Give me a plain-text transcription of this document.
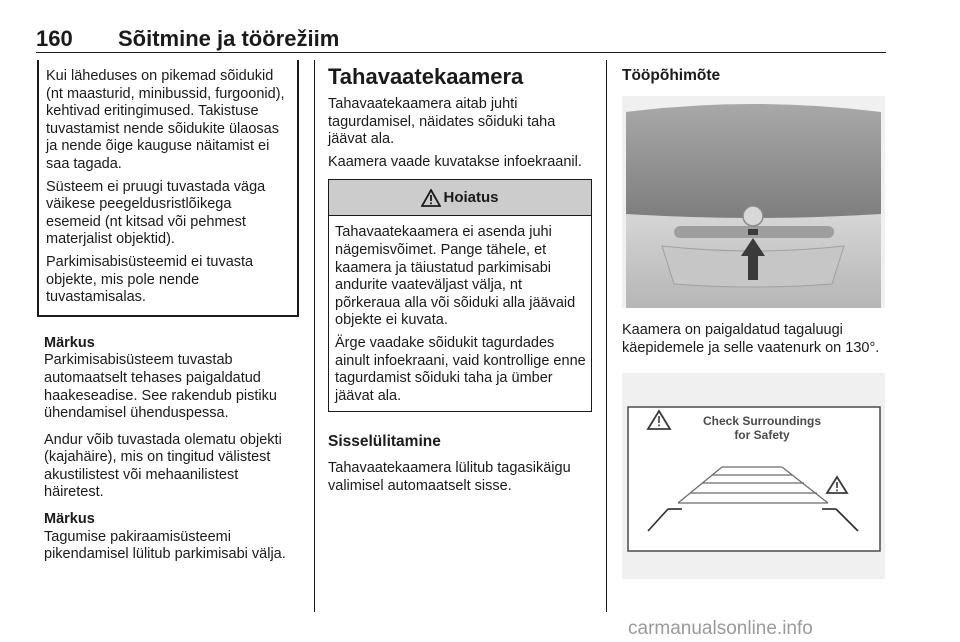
160 Sõitmine ja töörežiim

Kui läheduses on pikemad sõidukid (nt maasturid, minibussid, furgoonid), kehtivad eritingimused. Takistuse tuvastamist nende sõidukite ülaosas ja nende õige kauguse näitamist ei saa tagada.

Süsteem ei pruugi tuvastada väga väikese peegeldusristlõikega esemeid (nt kitsad või pehmest materjalist objektid).

Parkimisabisüsteemid ei tuvasta objekte, mis pole nende tuvastamisalas.

Märkus

Parkimisabisüsteem tuvastab automaatselt tehases paigaldatud haakeseadise. See rakendub pistiku ühendamisel ühenduspessa.

Andur võib tuvastada olematu objekti (kajahäire), mis on tingitud välistest akustilistest või mehaanilistest häiretest.

Märkus

Tagumise pakiraamisüsteemi pikendamisel lülitub parkimisabi välja.

Tahavaatekaamera

Tahavaatekaamera aitab juhti tagurdamisel, näidates sõiduki taha jäävat ala.

Kaamera vaade kuvatakse infoekraanil.

Hoiatus

Tahavaatekaamera ei asenda juhi nägemisvõimet. Pange tähele, et kaamera ja täiustatud parkimisabi andurite vaateväljast välja, nt põrkeraua alla või sõiduki alla jäävaid objekte ei kuvata.

Ärge vaadake sõidukit tagurdades ainult infoekraani, vaid kontrollige enne tagurdamist sõiduki taha ja ümber jäävat ala.

Sisselülitamine

Tahavaatekaamera lülitub tagasikäigu valimisel automaatselt sisse.

Tööpõhimõte

Kaamera on paigaldatud tagaluugi käepidemele ja selle vaatenurk on 130°.

Check Surroundings
for Safety
carmanualsonline.info
